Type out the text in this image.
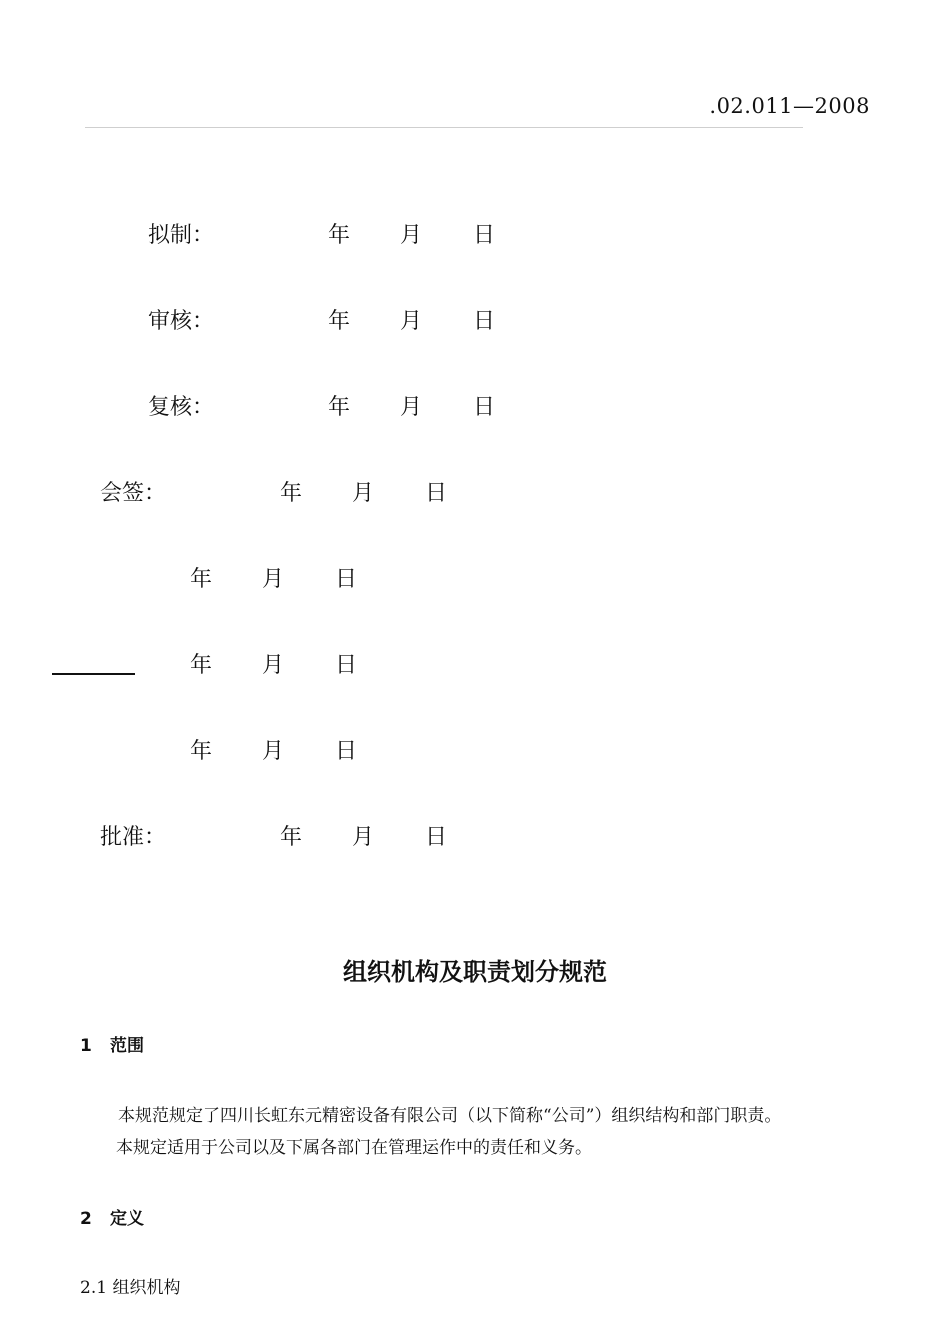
.02.011—2008
拟制：	年 月 日
审核：	年 月 日
复核：	年 月 日
会签：	年 月 日
年 月 日
年 月 日
年 月 日
批准：	年 月 日
组织机构及职责划分规范
1 范围
本规范规定了四川长虹东元精密设备有限公司（以下简称“公司”）组织结构和部门职责。
本规定适用于公司以及下属各部门在管理运作中的责任和义务。
2 定义
2.1 组织机构
